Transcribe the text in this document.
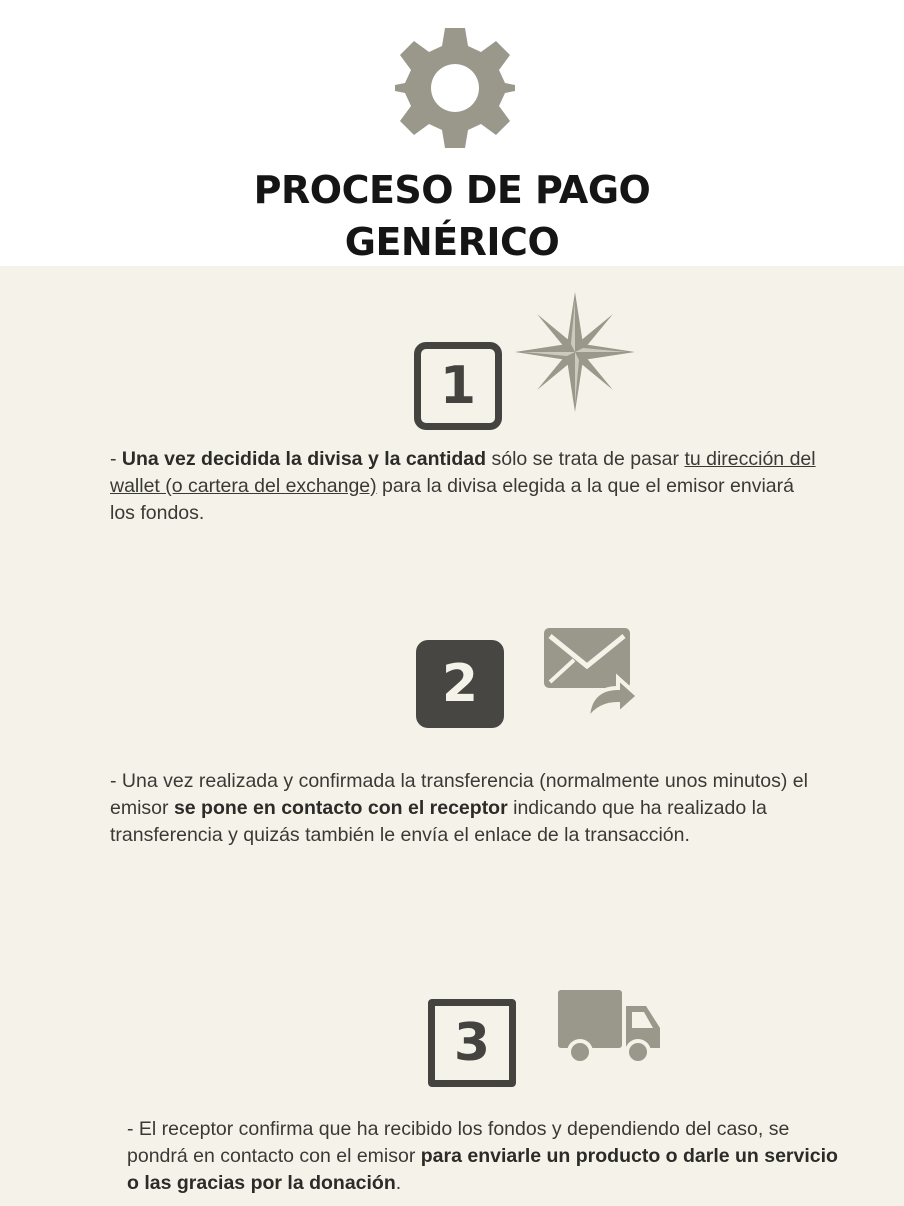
PROCESO DE PAGO
GENÉRICO
1
- Una vez decidida la divisa y la cantidad sólo se trata de pasar tu dirección del wallet (o cartera del exchange) para la divisa elegida a la que el emisor enviará los fondos.
2
- Una vez realizada y confirmada la transferencia (normalmente unos minutos) el emisor se pone en contacto con el receptor indicando que ha realizado la transferencia y quizás también le envía el enlace de la transacción.
3
- El receptor confirma que ha recibido los fondos y dependiendo del caso, se pondrá en contacto con el emisor para enviarle un producto o darle un servicio o las gracias por la donación.
